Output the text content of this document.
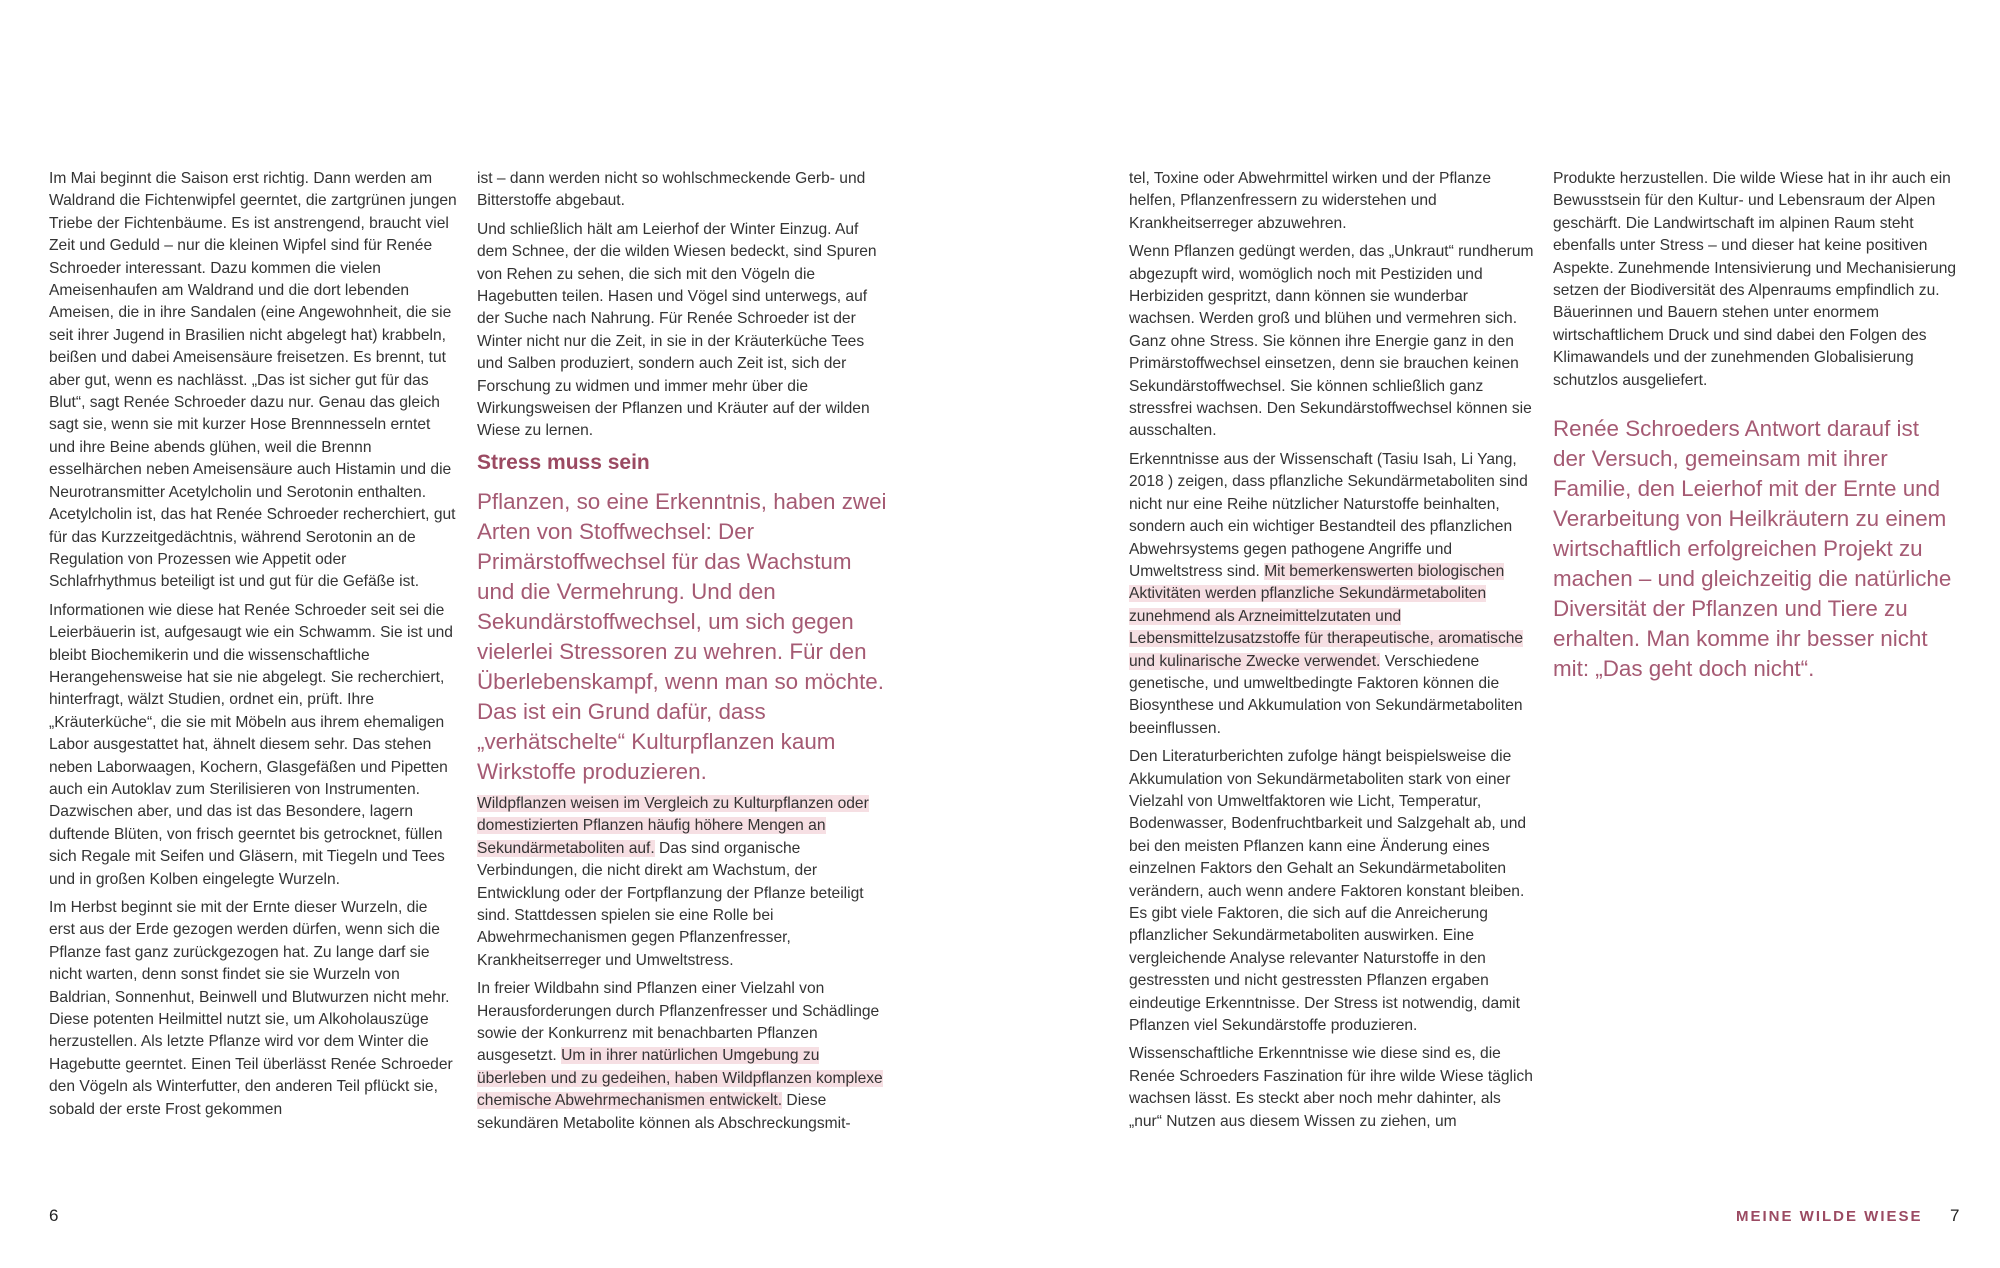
Im Mai beginnt die Saison erst richtig. Dann werden am Waldrand die Fichtenwipfel geerntet, die zartgrünen jungen Triebe der Fichtenbäume. Es ist anstrengend, braucht viel Zeit und Geduld – nur die kleinen Wipfel sind für Renée Schroeder interessant. Dazu kommen die vielen Ameisenhaufen am Waldrand und die dort lebenden Ameisen, die in ihre Sandalen (eine Angewohnheit, die sie seit ihrer Jugend in Brasilien nicht abgelegt hat) krabbeln, beißen und dabei Ameisensäure freisetzen. Es brennt, tut aber gut, wenn es nachlässt. „Das ist sicher gut für das Blut“, sagt Renée Schroeder dazu nur. Genau das gleich sagt sie, wenn sie mit kurzer Hose Brennnesseln erntet und ihre Beine abends glühen, weil die Brennn esselhärchen neben Ameisensäure auch Histamin und die Neurotransmitter Acetylcholin und Serotonin enthalten. Acetylcholin ist, das hat Renée Schroeder recherchiert, gut für das Kurzzeitgedächtnis, während Serotonin an de Regulation von Prozessen wie Appetit oder Schlafrhythmus beteiligt ist und gut für die Gefäße ist.

Informationen wie diese hat Renée Schroeder seit sei die Leierbäuerin ist, aufgesaugt wie ein Schwamm. Sie ist und bleibt Biochemikerin und die wissenschaftliche Herangehensweise hat sie nie abgelegt. Sie recherchiert, hinterfragt, wälzt Studien, ordnet ein, prüft. Ihre „Kräuterküche“, die sie mit Möbeln aus ihrem ehemaligen Labor ausgestattet hat, ähnelt diesem sehr. Das stehen neben Laborwaagen, Kochern, Glasgefäßen und Pipetten auch ein Autoklav zum Sterilisieren von Instrumenten. Dazwischen aber, und das ist das Besondere, lagern duftende Blüten, von frisch geerntet bis getrocknet, füllen sich Regale mit Seifen und Gläsern, mit Tiegeln und Tees und in großen Kolben eingelegte Wurzeln.

Im Herbst beginnt sie mit der Ernte dieser Wurzeln, die erst aus der Erde gezogen werden dürfen, wenn sich die Pflanze fast ganz zurückgezogen hat. Zu lange darf sie nicht warten, denn sonst findet sie sie Wurzeln von Baldrian, Sonnenhut, Beinwell und Blutwurzen nicht mehr. Diese potenten Heilmittel nutzt sie, um Alkoholauszüge herzustellen. Als letzte Pflanze wird vor dem Winter die Hagebutte geerntet. Einen Teil überlässt Renée Schroeder den Vögeln als Winterfutter, den anderen Teil pflückt sie, sobald der erste Frost gekommen

ist – dann werden nicht so wohlschmeckende Gerb- und Bitterstoffe abgebaut.

Und schließlich hält am Leierhof der Winter Einzug. Auf dem Schnee, der die wilden Wiesen bedeckt, sind Spuren von Rehen zu sehen, die sich mit den Vögeln die Hagebutten teilen. Hasen und Vögel sind unterwegs, auf der Suche nach Nahrung. Für Renée Schroeder ist der Winter nicht nur die Zeit, in sie in der Kräuterküche Tees und Salben produziert, sondern auch Zeit ist, sich der Forschung zu widmen und immer mehr über die Wirkungsweisen der Pflanzen und Kräuter auf der wilden Wiese zu lernen.

Stress muss sein

Pflanzen, so eine Erkenntnis, haben zwei Arten von Stoffwechsel: Der Primärstoffwechsel für das Wachstum und die Vermehrung. Und den Sekundärstoffwechsel, um sich gegen vielerlei Stressoren zu wehren. Für den Überlebenskampf, wenn man so möchte. Das ist ein Grund dafür, dass „verhätschelte“ Kulturpflanzen kaum Wirkstoffe produzieren.

Wildpflanzen weisen im Vergleich zu Kulturpflanzen oder domestizierten Pflanzen häufig höhere Mengen an Sekundärmetaboliten auf. Das sind organische Verbindungen, die nicht direkt am Wachstum, der Entwicklung oder der Fortpflanzung der Pflanze beteiligt sind. Stattdessen spielen sie eine Rolle bei Abwehrmechanismen gegen Pflanzenfresser, Krankheitserreger und Umweltstress.

In freier Wildbahn sind Pflanzen einer Vielzahl von Herausforderungen durch Pflanzenfresser und Schädlinge sowie der Konkurrenz mit benachbarten Pflanzen ausgesetzt. Um in ihrer natürlichen Umgebung zu überleben und zu gedeihen, haben Wildpflanzen komplexe chemische Abwehrmechanismen entwickelt. Diese sekundären Metabolite können als Abschreckungsmit-

tel, Toxine oder Abwehrmittel wirken und der Pflanze helfen, Pflanzenfressern zu widerstehen und Krankheitserreger abzuwehren.

Wenn Pflanzen gedüngt werden, das „Unkraut“ rundherum abgezupft wird, womöglich noch mit Pestiziden und Herbiziden gespritzt, dann können sie wunderbar wachsen. Werden groß und blühen und vermehren sich. Ganz ohne Stress. Sie können ihre Energie ganz in den Primärstoffwechsel einsetzen, denn sie brauchen keinen Sekundärstoffwechsel. Sie können schließlich ganz stressfrei wachsen. Den Sekundärstoffwechsel können sie ausschalten.

Erkenntnisse aus der Wissenschaft (Tasiu Isah, Li Yang, 2018 ) zeigen, dass pflanzliche Sekundärmetaboliten sind nicht nur eine Reihe nützlicher Naturstoffe beinhalten, sondern auch ein wichtiger Bestandteil des pflanzlichen Abwehrsystems gegen pathogene Angriffe und Umweltstress sind. Mit bemerkenswerten biologischen Aktivitäten werden pflanzliche Sekundärmetaboliten zunehmend als Arzneimittelzutaten und Lebensmittelzusatzstoffe für therapeutische, aromatische und kulinarische Zwecke verwendet. Verschiedene genetische, und umweltbedingte Faktoren können die Biosynthese und Akkumulation von Sekundärmetaboliten beeinflussen.

Den Literaturberichten zufolge hängt beispielsweise die Akkumulation von Sekundärmetaboliten stark von einer Vielzahl von Umweltfaktoren wie Licht, Temperatur, Bodenwasser, Bodenfruchtbarkeit und Salzgehalt ab, und bei den meisten Pflanzen kann eine Änderung eines einzelnen Faktors den Gehalt an Sekundärmetaboliten verändern, auch wenn andere Faktoren konstant bleiben. Es gibt viele Faktoren, die sich auf die Anreicherung pflanzlicher Sekundärmetaboliten auswirken. Eine vergleichende Analyse relevanter Naturstoffe in den gestressten und nicht gestressten Pflanzen ergaben eindeutige Erkenntnisse. Der Stress ist notwendig, damit Pflanzen viel Sekundärstoffe produzieren.

Wissenschaftliche Erkenntnisse wie diese sind es, die Renée Schroeders Faszination für ihre wilde Wiese täglich wachsen lässt. Es steckt aber noch mehr dahinter, als „nur“ Nutzen aus diesem Wissen zu ziehen, um

Produkte herzustellen. Die wilde Wiese hat in ihr auch ein Bewusstsein für den Kultur- und Lebensraum der Alpen geschärft. Die Landwirtschaft im alpinen Raum steht ebenfalls unter Stress – und dieser hat keine positiven Aspekte. Zunehmende Intensivierung und Mechanisierung setzen der Biodiversität des Alpenraums empfindlich zu. Bäuerinnen und Bauern stehen unter enormem wirtschaftlichem Druck und sind dabei den Folgen des Klimawandels und der zunehmenden Globalisierung schutzlos ausgeliefert.

Renée Schroeders Antwort darauf ist der Versuch, gemeinsam mit ihrer Familie, den Leierhof mit der Ernte und Verarbeitung von Heilkräutern zu einem wirtschaftlich erfolgreichen Projekt zu machen – und gleichzeitig die natürliche Diversität der Pflanzen und Tiere zu erhalten. Man komme ihr besser nicht mit: „Das geht doch nicht“.

6	MEINE WILDE WIESE 7
